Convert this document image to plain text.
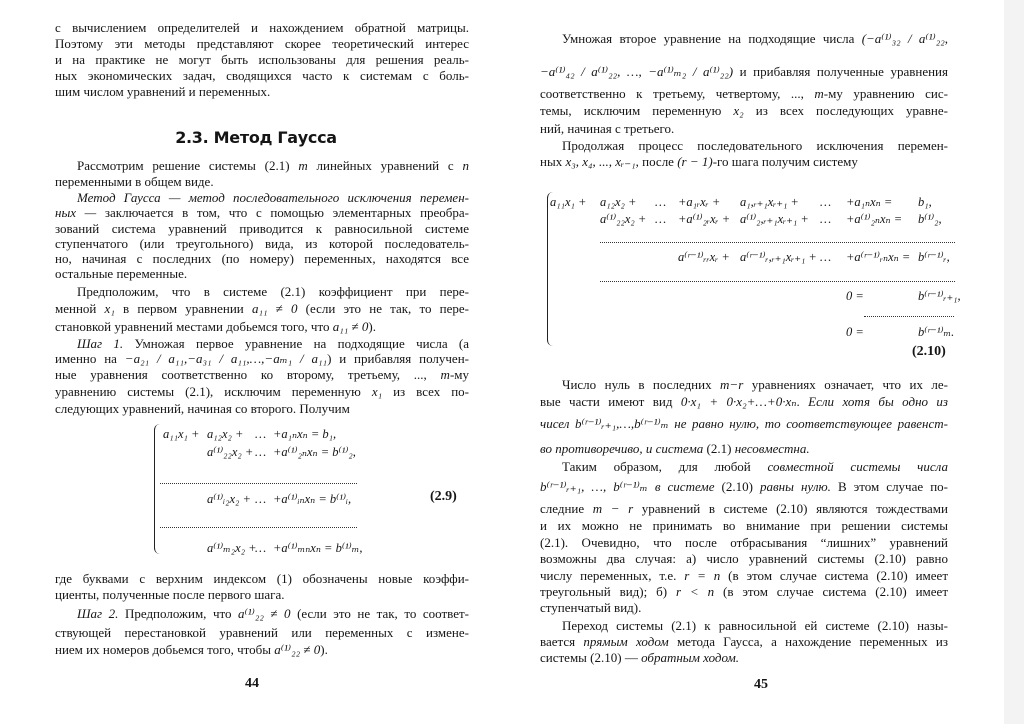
2.3. Метод Гаусса
44
(2.9)
с вычислением определителей и нахождением обратной матрицы.
Поэтому эти методы представляют скорее теоретический интерес
и на практике не могут быть использованы для решения реаль-
ных экономических задач, сводящихся часто к системам с боль-
шим числом уравнений и переменных.
Рассмотрим решение системы (2.1) m линейных уравнений с n
переменными в общем виде.
Метод Гаусса — метод последовательного исключения перемен-
ных — заключается в том, что с помощью элементарных преобра-
зований система уравнений приводится к равносильной системе
ступенчатого (или треугольного) вида, из которой последователь-
но, начиная с последних (по номеру) переменных, находятся все
остальные переменные.
Предположим, что в системе (2.1) коэффициент при пере-
менной x₁ в первом уравнении a₁₁ ≠ 0 (если это не так, то пере-
становкой уравнений местами добьемся того, что a₁₁ ≠ 0).
Шаг 1. Умножая первое уравнение на подходящие числа (а
именно на −a₂₁ / a₁₁,−a₃₁ / a₁₁,…,−aₘ₁ / a₁₁) и прибавляя получен-
ные уравнения соответственно ко второму, третьему, ..., m-му
уравнению системы (2.1), исключим переменную x₁ из всех по-
следующих уравнений, начиная со второго. Получим
где буквами с верхним индексом (1) обозначены новые коэффи-
циенты, полученные после первого шага.
Шаг 2. Предположим, что a⁽¹⁾₂₂ ≠ 0 (если это не так, то соответ-
ствующей перестановкой уравнений или переменных с измене-
нием их номеров добьемся того, чтобы a⁽¹⁾₂₂ ≠ 0).
a₁₁x₁ + a₁₂x₂ + … +a₁ₙxₙ = b₁,
a⁽¹⁾₂₂x₂ + … +a⁽¹⁾₂ₙxₙ = b⁽¹⁾₂,
a⁽¹⁾ᵢ₂x₂ + … +a⁽¹⁾ᵢₙxₙ = b⁽¹⁾ᵢ,
a⁽¹⁾ₘ₂x₂ +
… +a⁽¹⁾ₘₙxₙ = b⁽¹⁾ₘ,
45
(2.10)
Умножая второе уравнение на подходящие числа (−a⁽¹⁾₃₂ / a⁽¹⁾₂₂,
−a⁽¹⁾₄₂ / a⁽¹⁾₂₂, …, −a⁽¹⁾ₘ₂ / a⁽¹⁾₂₂) и прибавляя полученные уравнения
соответственно к третьему, четвертому, ..., m-му уравнению сис-
темы, исключим переменную x₂ из всех последующих уравне-
ний, начиная с третьего.
Продолжая процесс последовательного исключения перемен-
ных x₃, x₄, ..., xᵣ₋₁, после (r − 1)-го шага получим систему
Число нуль в последних m−r уравнениях означает, что их ле-
вые части имеют вид 0·x₁ + 0·x₂+…+0·xₙ. Если хотя бы одно из
чисел b⁽ʳ⁻¹⁾ᵣ₊₁,…,b⁽ʳ⁻¹⁾ₘ не равно нулю, то соответствующее равенст-
во противоречиво, и система (2.1) несовместна.
Таким образом, для любой совместной системы числа
b⁽ʳ⁻¹⁾ᵣ₊₁, …, b⁽ʳ⁻¹⁾ₘ в системе (2.10) равны нулю. В этом случае по-
следние m − r уравнений в системе (2.10) являются тождествами
и их можно не принимать во внимание при решении системы
(2.1). Очевидно, что после отбрасывания “лишних” уравнений
возможны два случая: а) число уравнений системы (2.10) равно
числу переменных, т.е. r = n (в этом случае система (2.10) имеет
треугольный вид); б) r < n (в этом случае система (2.10) имеет
ступенчатый вид).
Переход системы (2.1) к равносильной ей системе (2.10) назы-
вается прямым ходом метода Гаусса, а нахождение переменных из
системы (2.10) — обратным ходом.
a₁₁x₁ + a₁₂x₂ + … +a₁ᵣxᵣ + a₁,ᵣ₊₁xᵣ₊₁ + … +a₁ₙxₙ = b₁,
a⁽¹⁾₂₂x₂ + … +a⁽¹⁾₂ᵣxᵣ + a⁽¹⁾₂,ᵣ₊₁xᵣ₊₁ + … +a⁽¹⁾₂ₙxₙ = b⁽¹⁾₂,
a⁽ʳ⁻¹⁾ᵣᵣxᵣ + a⁽ʳ⁻¹⁾ᵣ,ᵣ₊₁xᵣ₊₁ + … +a⁽ʳ⁻¹⁾ᵣₙxₙ = b⁽ʳ⁻¹⁾ᵣ,
0 =	b⁽ʳ⁻¹⁾ᵣ₊₁,
0 =	b⁽ʳ⁻¹⁾ₘ.
